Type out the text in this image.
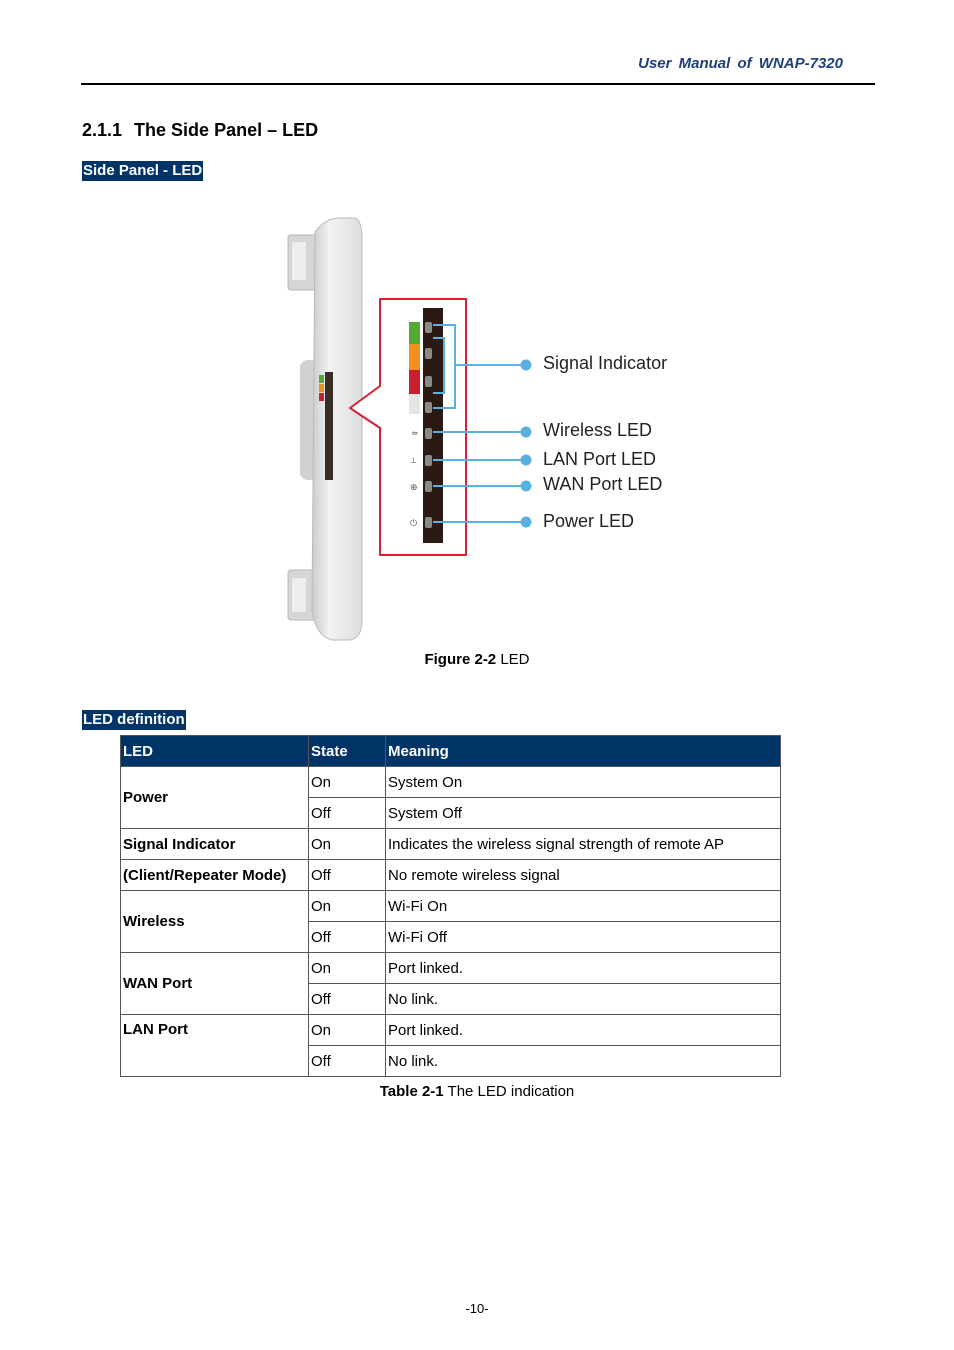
User Manual of WNAP-7320
2.1.1 The Side Panel – LED
Side Panel - LED
≈
⊥
⊕
⏻
Signal Indicator
Wireless LED
LAN Port LED
WAN Port LED
Power LED
Figure 2-2 LED
LED definition
LED	State	Meaning
Power	On	System On
	Off	System Off
Signal Indicator	On	Indicates the wireless signal strength of remote AP
(Client/Repeater Mode)	Off	No remote wireless signal
Wireless	On	Wi-Fi On
	Off	Wi-Fi Off
WAN Port	On	Port linked.
	Off	No link.
LAN Port	On	Port linked.
	Off	No link.
Table 2-1 The LED indication
-10-
